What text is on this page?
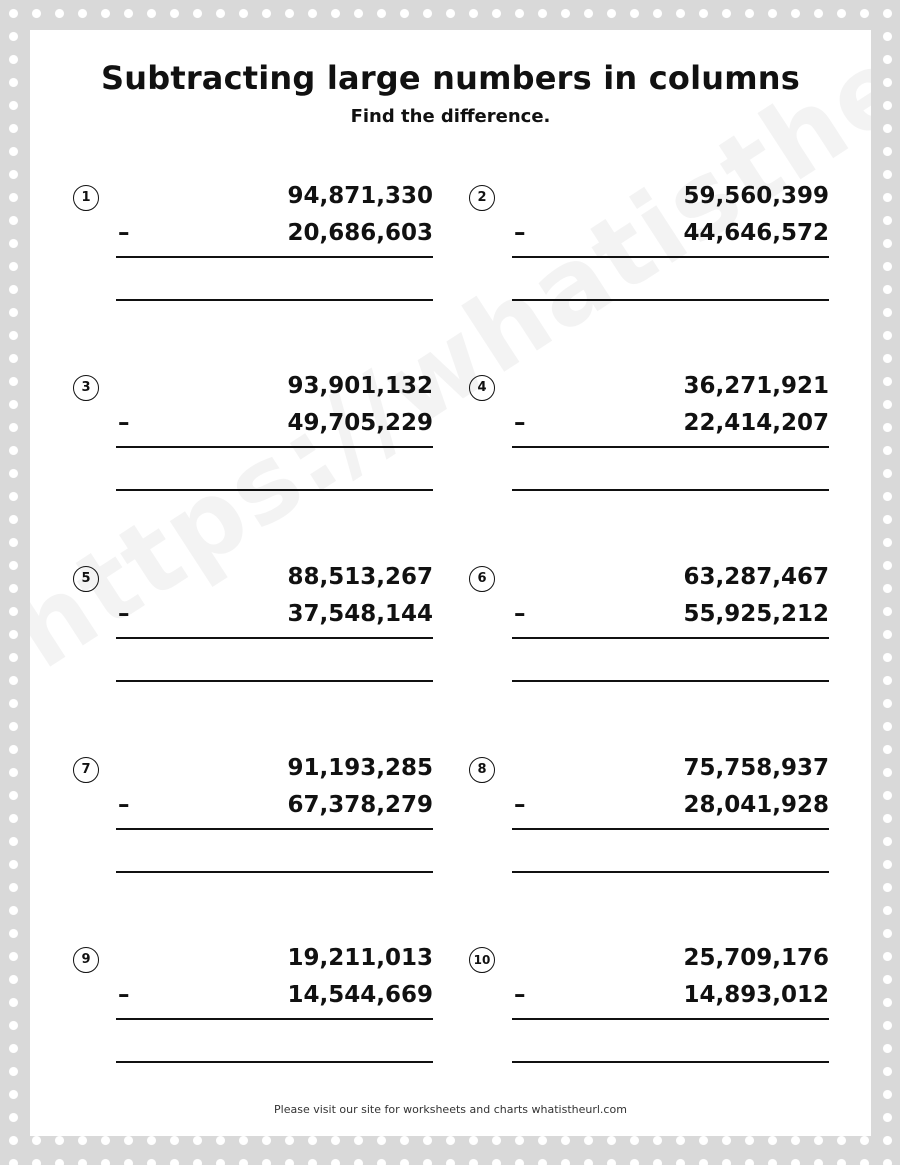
Subtracting large numbers in columns
Find the difference.
1	94,871,330
–	20,686,603
2	59,560,399
–	44,646,572
3	93,901,132
–	49,705,229
4	36,271,921
–	22,414,207
5	88,513,267
–	37,548,144
6	63,287,467
–	55,925,212
7	91,193,285
–	67,378,279
8	75,758,937
–	28,041,928
9	19,211,013
–	14,544,669
10	25,709,176
–	14,893,012
Please visit our site for worksheets and charts whatistheurl.com
